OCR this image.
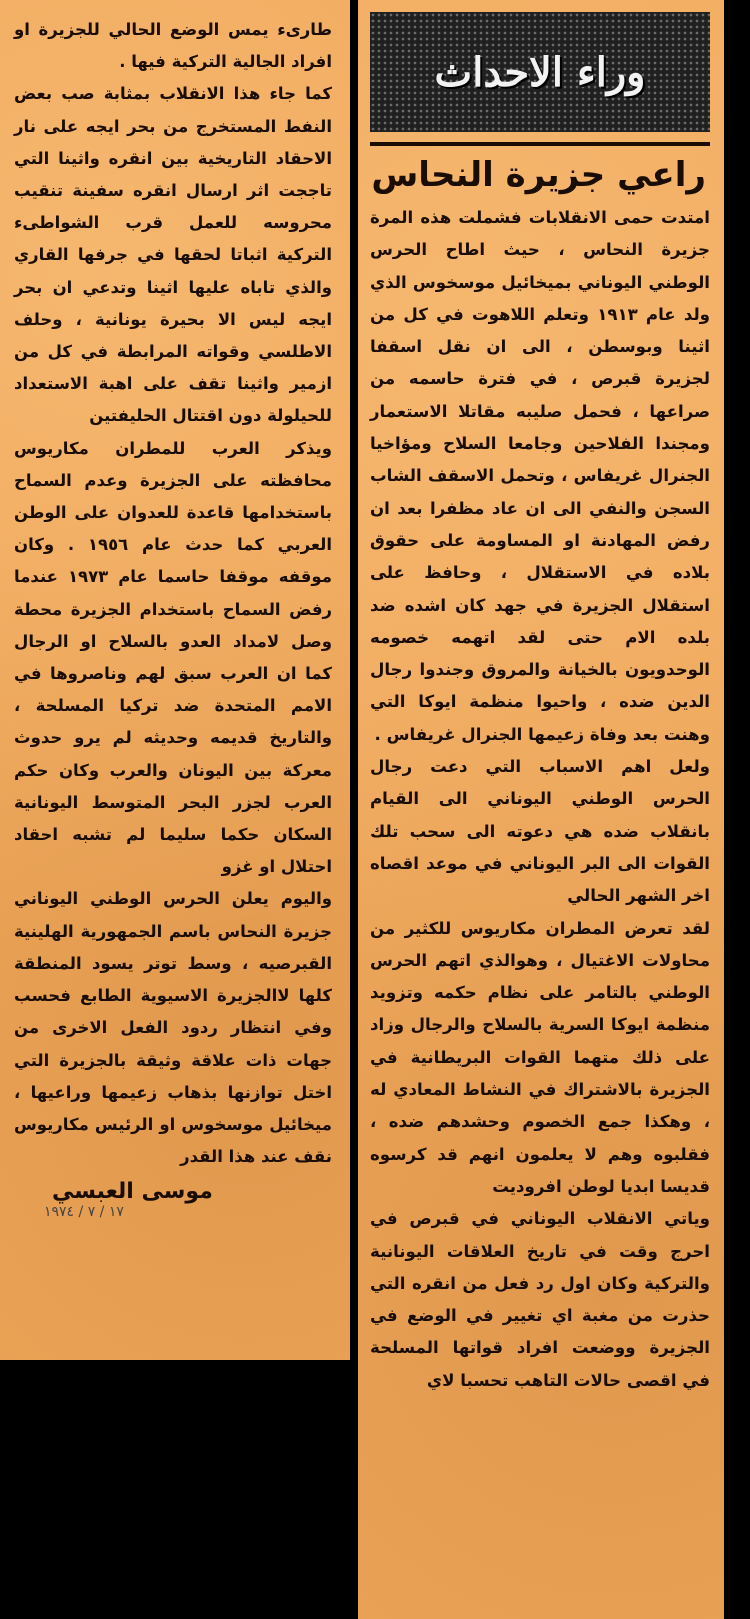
طارىء يمس الوضع الحالي للجزيرة او افراد الجالية التركية فيها .

كما جاء هذا الانقلاب بمثابة صب بعض النفط المستخرج من بحر ايجه على نار الاحقاد التاريخية بين انقره واثينا التي تاججت اثر ارسال انقره سفينة تنقيب محروسه للعمل قرب الشواطىء التركية اثباتا لحقها في جرفها القاري والذي تاباه عليها اثينا وتدعي ان بحر ايجه ليس الا بحيرة يونانية ، وحلف الاطلسي وقواته المرابطة في كل من ازمير واثينا تقف على اهبة الاستعداد للحيلولة دون اقتتال الحليفتين

ويذكر العرب للمطران مكاريوس محافظته على الجزيرة وعدم السماح باستخدامها قاعدة للعدوان على الوطن العربي كما حدث عام ١٩٥٦ . وكان موقفه موقفا حاسما عام ١٩٧٣ عندما رفض السماح باستخدام الجزيرة محطة وصل لامداد العدو بالسلاح او الرجال كما ان العرب سبق لهم وناصروها في الامم المتحدة ضد تركيا المسلحة ، والتاريخ قديمه وحديثه لم يرو حدوث معركة بين اليونان والعرب وكان حكم العرب لجزر البحر المتوسط اليونانية السكان حكما سليما لم تشبه احقاد احتلال او غزو

واليوم يعلن الحرس الوطني اليوناني جزيرة النحاس باسم الجمهورية الهلينية القبرصيه ، وسط توتر يسود المنطقة كلها لاالجزيرة الاسيوية الطابع فحسب وفي انتظار ردود الفعل الاخرى من جهات ذات علاقة وثيقة بالجزيرة التي اختل توازنها بذهاب زعيمها وراعيها ، ميخائيل موسخوس او الرئيس مكاريوس نقف عند هذا القدر

موسى العبسي
١٧ / ٧ / ١٩٧٤
وراء الاحداث
راعي جزيرة النحاس

امتدت حمى الانقلابات فشملت هذه المرة جزيرة النحاس ، حيث اطاح الحرس الوطني اليوناني بميخائيل موسخوس الذي ولد عام ١٩١٣ وتعلم اللاهوت في كل من اثينا وبوسطن ، الى ان نقل اسقفا لجزيرة قبرص ، في فترة حاسمه من صراعها ، فحمل صليبه مقاتلا الاستعمار ومجندا الفلاحين وجامعا السلاح ومؤاخيا الجنرال غريفاس ، وتحمل الاسقف الشاب السجن والنفي الى ان عاد مظفرا بعد ان رفض المهادنة او المساومة على حقوق بلاده في الاستقلال ، وحافظ على استقلال الجزيرة في جهد كان اشده ضد بلده الام حتى لقد اتهمه خصومه الوحدويون بالخيانة والمروق وجندوا رجال الدين ضده ، واحيوا منظمة ايوكا التي وهنت بعد وفاة زعيمها الجنرال غريفاس .

ولعل اهم الاسباب التي دعت رجال الحرس الوطني اليوناني الى القيام بانقلاب ضده هي دعوته الى سحب تلك القوات الى البر اليوناني في موعد اقصاه اخر الشهر الحالي

لقد تعرض المطران مكاريوس للكثير من محاولات الاغتيال ، وهوالذي اتهم الحرس الوطني بالتامر على نظام حكمه وتزويد منظمة ايوكا السرية بالسلاح والرجال وزاد على ذلك متهما القوات البريطانية في الجزيرة بالاشتراك في النشاط المعادي له ، وهكذا جمع الخصوم وحشدهم ضده ، فقلبوه وهم لا يعلمون انهم قد كرسوه قديسا ابديا لوطن افروديت

وياتي الانقلاب اليوناني في قبرص في احرج وقت في تاريخ العلاقات اليونانية والتركية وكان اول رد فعل من انقره التي حذرت من مغبة اي تغيير في الوضع في الجزيرة ووضعت افراد قواتها المسلحة في اقصى حالات التاهب تحسبا لاي
